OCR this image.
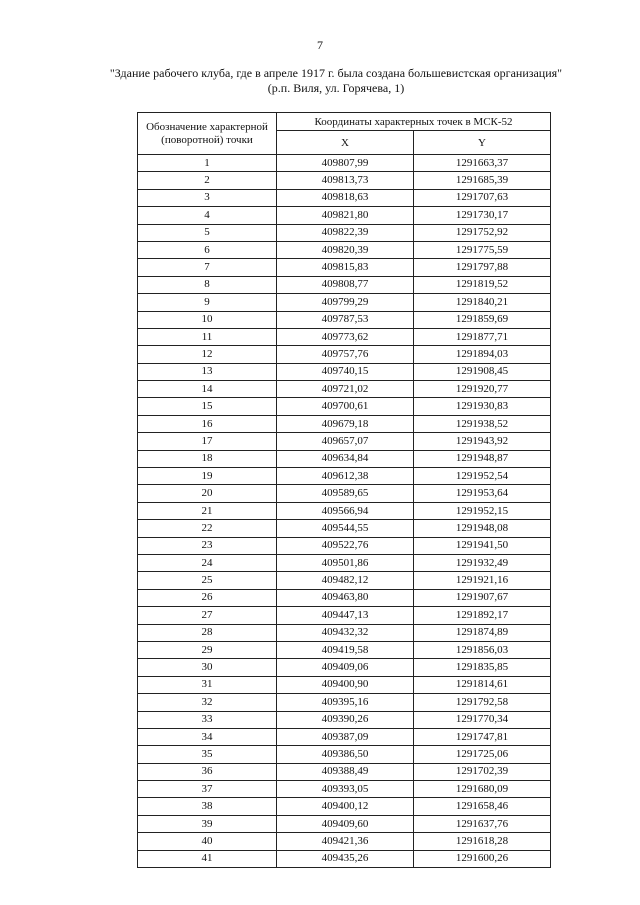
7
"Здание рабочего клуба, где в апреле 1917 г. была создана большевистская организация"
(р.п. Виля, ул. Горячева, 1)
Обозначение характерной (поворотной) точки	Координаты характерных точек в МСК-52	
	X	Y
1	409807,99	1291663,37
2	409813,73	1291685,39
3	409818,63	1291707,63
4	409821,80	1291730,17
5	409822,39	1291752,92
6	409820,39	1291775,59
7	409815,83	1291797,88
8	409808,77	1291819,52
9	409799,29	1291840,21
10	409787,53	1291859,69
11	409773,62	1291877,71
12	409757,76	1291894,03
13	409740,15	1291908,45
14	409721,02	1291920,77
15	409700,61	1291930,83
16	409679,18	1291938,52
17	409657,07	1291943,92
18	409634,84	1291948,87
19	409612,38	1291952,54
20	409589,65	1291953,64
21	409566,94	1291952,15
22	409544,55	1291948,08
23	409522,76	1291941,50
24	409501,86	1291932,49
25	409482,12	1291921,16
26	409463,80	1291907,67
27	409447,13	1291892,17
28	409432,32	1291874,89
29	409419,58	1291856,03
30	409409,06	1291835,85
31	409400,90	1291814,61
32	409395,16	1291792,58
33	409390,26	1291770,34
34	409387,09	1291747,81
35	409386,50	1291725,06
36	409388,49	1291702,39
37	409393,05	1291680,09
38	409400,12	1291658,46
39	409409,60	1291637,76
40	409421,36	1291618,28
41	409435,26	1291600,26
